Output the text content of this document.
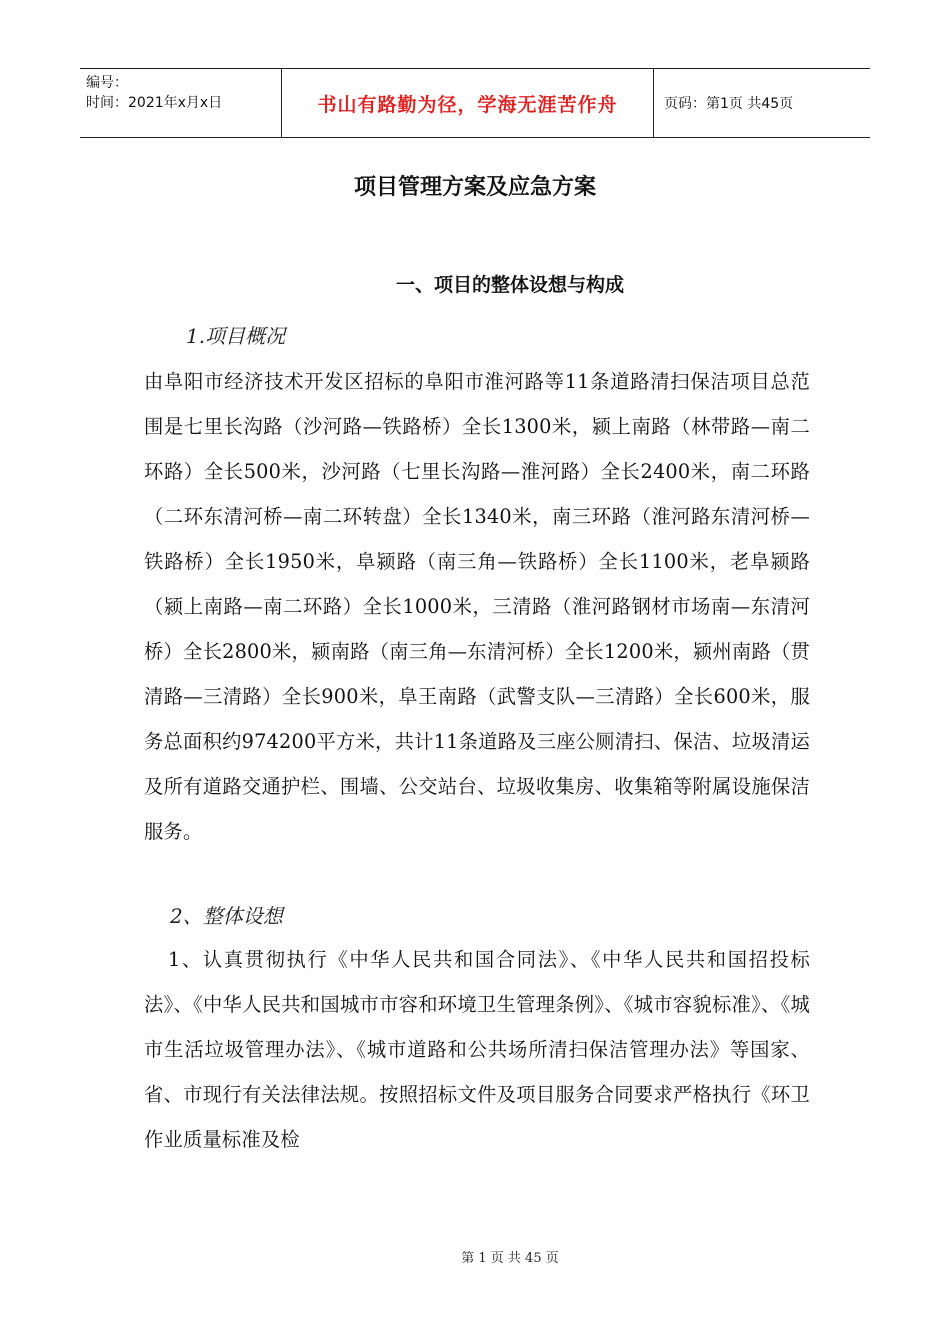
编号：
时间：2021年x月x日	书山有路勤为径，学海无涯苦作舟	页码：第1页 共45页
项目管理方案及应急方案
一、项目的整体设想与构成
1.项目概况
由阜阳市经济技术开发区招标的阜阳市淮河路等11条道路清扫保洁项目总范围是七里长沟路（沙河路—铁路桥）全长1300米，颍上南路（林带路—南二环路）全长500米，沙河路（七里长沟路—淮河路）全长2400米，南二环路（二环东清河桥—南二环转盘）全长1340米，南三环路（淮河路东清河桥—铁路桥）全长1950米，阜颍路（南三角—铁路桥）全长1100米，老阜颍路（颍上南路—南二环路）全长1000米，三清路（淮河路钢材市场南—东清河桥）全长2800米，颍南路（南三角—东清河桥）全长1200米，颍州南路（贯清路—三清路）全长900米，阜王南路（武警支队—三清路）全长600米，服务总面积约974200平方米，共计11条道路及三座公厕清扫、保洁、垃圾清运及所有道路交通护栏、围墙、公交站台、垃圾收集房、收集箱等附属设施保洁服务。
2、整体设想
1、认真贯彻执行《中华人民共和国合同法》、《中华人民共和国招投标法》、《中华人民共和国城市市容和环境卫生管理条例》、《城市容貌标准》、《城市生活垃圾管理办法》、《城市道路和公共场所清扫保洁管理办法》等国家、省、市现行有关法律法规。按照招标文件及项目服务合同要求严格执行《环卫作业质量标准及检
第 1 页 共 45 页
